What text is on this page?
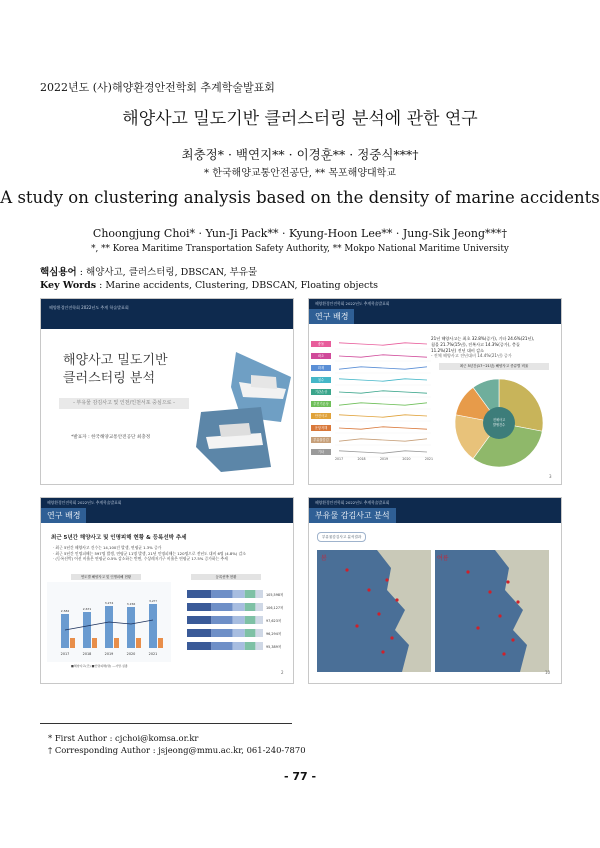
2022년도 (사)해양환경안전학회 추계학술발표회
해양사고 밀도기반 클러스터링 분석에 관한 연구
최충정* · 백연지** · 이경훈** · 정중식***†
* 한국해양교통안전공단, ** 목포해양대학교
A study on clustering analysis based on the density of marine accidents
Choongjung Choi* · Yun-Ji Pack** · Kyung-Hoon Lee** · Jung-Sik Jeong***†
*, ** Korea Maritime Transportation Safety Authority, ** Mokpo National Maritime University
핵심용어 : 해양사고, 클러스터링, DBSCAN, 부유물
Key Words : Marine accidents, Clustering, DBSCAN, Floating objects
해양환경안전학회 2022년도 추계 학술발표회
해양사고 밀도기반
클러스터링 분석
- 부유물 감김사고 및 인천/인천서포 중심으로 -
*발표자 : 한국해양교통안전공단 최충정
해양환경안전학회 2022년도 추계학술발표회
연구 배경
충돌
좌초
화재
침수
기관손상
추진기손상
안전사고
운항저해
부유물감김
기타
2017	2018	2019	2020	2021
21년 해양사고는 최초 32.8%(증가), 기타 24.6%(21년),
침몰 21.7%(15년), 전복사고 14.3%(증가), 충돌
11.2%(21년) 전년 대비 감소
- 전체 해양사고 전년대비 14.4%(21년) 증가
최근 5년간(17~21년) 해양사고 종류별 비율
전체사고
발생건수
3
해양환경안전학회 2022년도 추계학술발표회
연구 배경
최근 5년간 해양사고 및 인명피해 현황 & 등록선박 추세
· 최근 5년간 해양사고 건수는 14,100건 발생, 연평균 1.3% 증가
· 최근 5년간 인명피해는 597명 발생, 연평균 11명 발생, 21년 인명피해는 120명으로 전년도 대비 6명 (4.8%) 감소
· (등록선박) 어선 비율은 연평균 0.5% 감소하는 반면, 수상레저기구 비율은 연평균 17.5% 증가하는 추세
연도별 해양사고 및 인명피해 현황	등록선박 현황
2017
2,582
2018
2,671
2019
3,274
2020
3,156
2021
3,2??
■해양사고(건) ■인명피해(명) —사망·실종
105,598척
106,127척
97,623척
96,294척
95,389척
2
해양환경안전학회 2022년도 추계학술발표회
부유물 감김사고 분석
부유물감김사고 분석결과
봄	여름
10
* First Author : cjchoi@komsa.or.kr
† Corresponding Author : jsjeong@mmu.ac.kr, 061-240-7870
- 77 -
